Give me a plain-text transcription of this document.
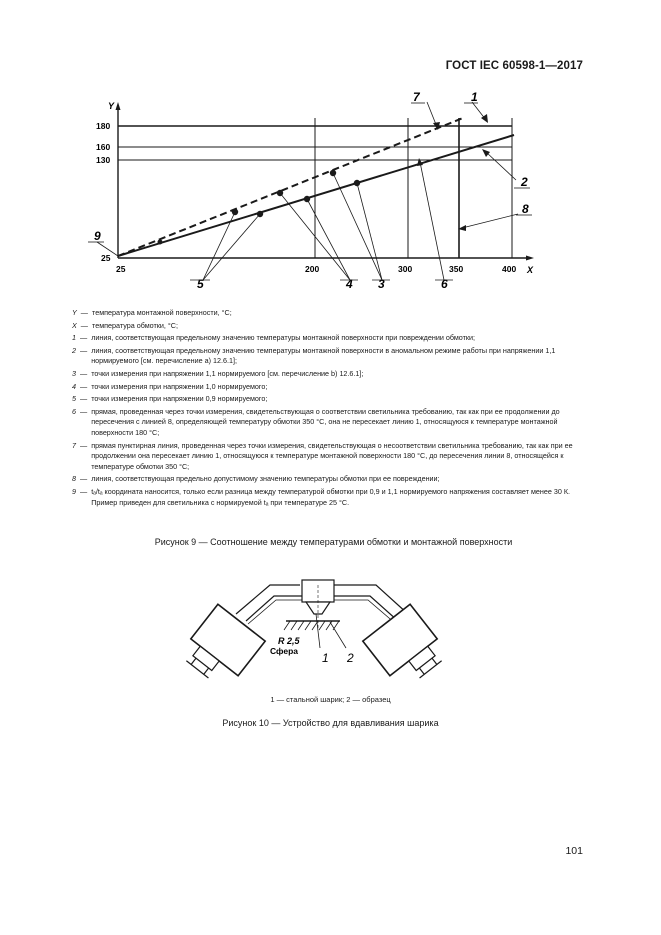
ГОСТ IEC 60598-1—2017
Y
X
180
160
130
25
25	200	300	350	400
7	1
2
8
9
5	4 3	6
Y — температура монтажной поверхности, °C;
X — температура обмотки, °C;
1 — линия, соответствующая предельному значению температуры монтажной поверхности при повреждении обмотки;
2 — линия, соответствующая предельному значению температуры монтажной поверхности в аномальном режиме работы при напряжении 1,1 нормируемого [см. перечисление а) 12.6.1];
3 — точки измерения при напряжении 1,1 нормируемого [см. перечисление b) 12.6.1];
4 — точки измерения при напряжении 1,0 нормируемого;
5 — точки измерения при напряжении 0,9 нормируемого;
6 — прямая, проведенная через точки измерения, свидетельствующая о соответствии светильника требованию, так как при ее продолжении до пересечения с линией 8, определяющей температуру обмотки 350 °C, она не пересекает линию 1, относящуюся к температуре монтажной поверхности 180 °C;
7 — прямая пунктирная линия, проведенная через точки измерения, свидетельствующая о несоответствии светильника требованию, так как при ее продолжении она пересекает линию 1, относящуюся к температуре монтажной поверхности 180 °C, до пересечения линии 8, относящейся к температуре обмотки 350 °C;
8 — линия, соответствующая предельно допустимому значению температуры обмотки при ее повреждении;
9 — tₐ/tₐ координата наносится, только если разница между температурой обмотки при 0,9 и 1,1 нормируемого напряжения составляет менее 30 К. Пример приведен для светильника с нормируемой tₐ при температуре 25 °C.
Рисунок 9 — Соотношение между температурами обмотки и монтажной поверхности
R 2,5
Сфера 1 2
1 — стальной шарик; 2 — образец
Рисунок 10 — Устройство для вдавливания шарика
101
